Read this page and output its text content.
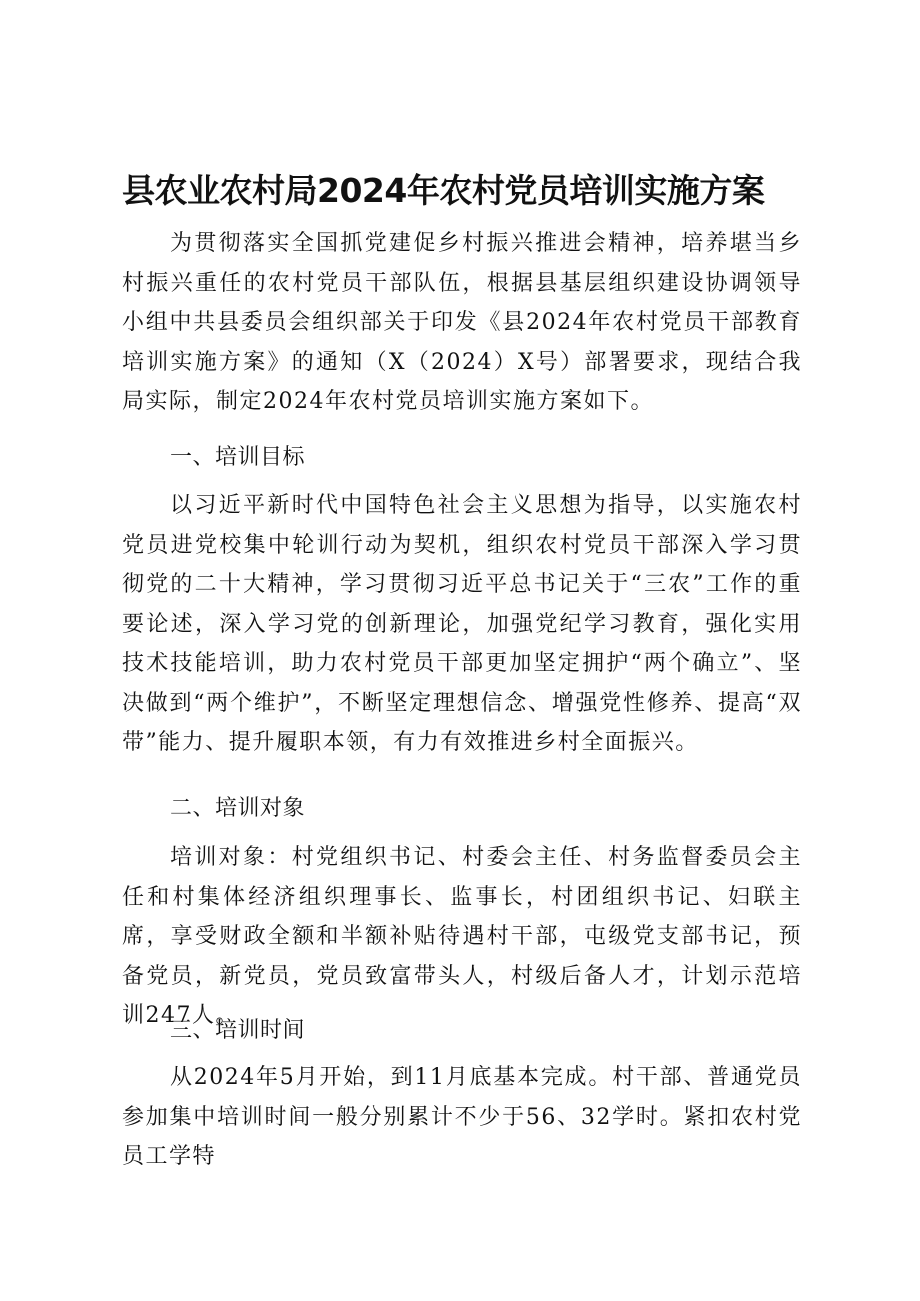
县农业农村局2024年农村党员培训实施方案

为贯彻落实全国抓党建促乡村振兴推进会精神，培养堪当乡村振兴重任的农村党员干部队伍，根据县基层组织建设协调领导小组中共县委员会组织部关于印发《县2024年农村党员干部教育培训实施方案》的通知（X（2024）X号）部署要求，现结合我局实际，制定2024年农村党员培训实施方案如下。

一、培训目标

以习近平新时代中国特色社会主义思想为指导，以实施农村党员进党校集中轮训行动为契机，组织农村党员干部深入学习贯彻党的二十大精神，学习贯彻习近平总书记关于“三农”工作的重要论述，深入学习党的创新理论，加强党纪学习教育，强化实用技术技能培训，助力农村党员干部更加坚定拥护“两个确立”、坚决做到“两个维护”，不断坚定理想信念、增强党性修养、提高“双带”能力、提升履职本领，有力有效推进乡村全面振兴。

二、培训对象

培训对象：村党组织书记、村委会主任、村务监督委员会主任和村集体经济组织理事长、监事长，村团组织书记、妇联主席，享受财政全额和半额补贴待遇村干部，屯级党支部书记，预备党员，新党员，党员致富带头人，村级后备人才，计划示范培训247人。

三、培训时间

从2024年5月开始，到11月底基本完成。村干部、普通党员参加集中培训时间一般分别累计不少于56、32学时。紧扣农村党员工学特
